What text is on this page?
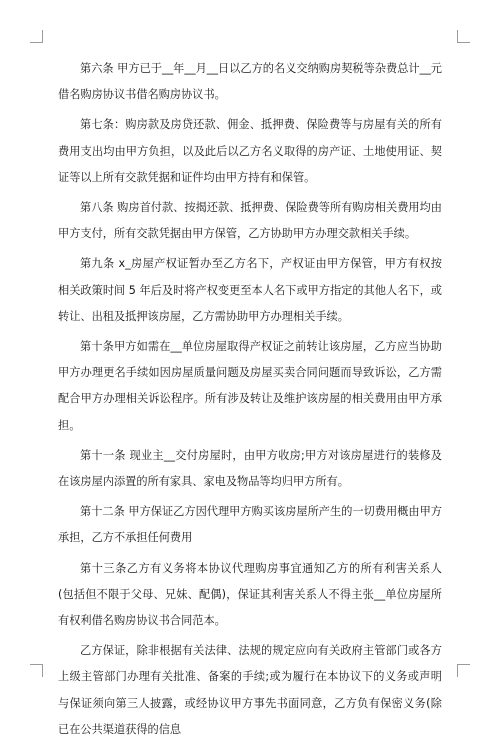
第六条 甲方已于__年__月__日以乙方的名义交纳购房契税等杂费总计__元借名购房协议书借名购房协议书。

第七条：购房款及房贷还款、佣金、抵押费、保险费等与房屋有关的所有费用支出均由甲方负担，以及此后以乙方名义取得的房产证、土地使用证、契证等以上所有交款凭据和证件均由甲方持有和保管。

第八条 购房首付款、按揭还款、抵押费、保险费等所有购房相关费用均由甲方支付，所有交款凭据由甲方保管，乙方协助甲方办理交款相关手续。

第九条 x_房屋产权证暂办至乙方名下，产权证由甲方保管，甲方有权按相关政策时间 5 年后及时将产权变更至本人名下或甲方指定的其他人名下，或转让、出租及抵押该房屋，乙方需协助甲方办理相关手续。

第十条甲方如需在__单位房屋取得产权证之前转让该房屋，乙方应当协助甲方办理更名手续如因房屋质量问题及房屋买卖合同问题而导致诉讼，乙方需配合甲方办理相关诉讼程序。所有涉及转让及维护该房屋的相关费用由甲方承担。

第十一条 现业主__交付房屋时，由甲方收房;甲方对该房屋进行的装修及在该房屋内添置的所有家具、家电及物品等均归甲方所有。

第十二条 甲方保证乙方因代理甲方购买该房屋所产生的一切费用概由甲方承担，乙方不承担任何费用

第十三条乙方有义务将本协议代理购房事宜通知乙方的所有利害关系人(包括但不限于父母、兄妹、配偶)，保证其利害关系人不得主张__单位房屋所有权利借名购房协议书合同范本。

乙方保证，除非根据有关法律、法规的规定应向有关政府主管部门或各方上级主管部门办理有关批准、备案的手续;或为履行在本协议下的义务或声明与保证须向第三人披露，或经协议甲方事先书面同意，乙方负有保密义务(除已在公共渠道获得的信息
